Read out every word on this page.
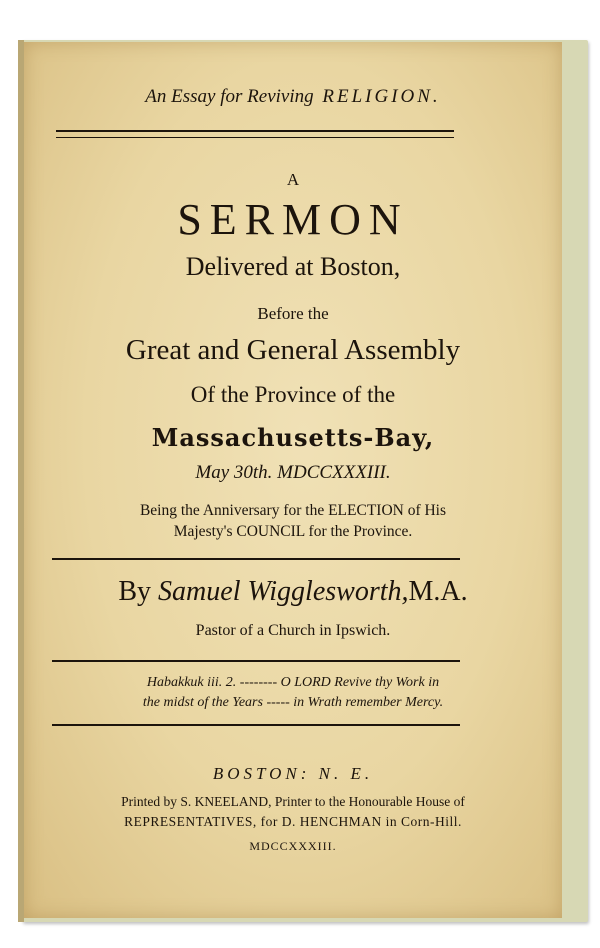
An Essay for Reviving RELIGION.
A
SERMON
Delivered at Boston,
Before the
Great and General Assembly
Of the Province of the
Massachusetts-Bay,
May 30th. MDCCXXXIII.
Being the Anniversary for the ELECTION of His
Majesty's COUNCIL for the Province.
By Samuel Wigglesworth,M.A.
Pastor of a Church in Ipswich.
Habakkuk iii. 2. -------- O LORD Revive thy Work in
the midst of the Years ----- in Wrath remember Mercy.
BOSTON: N. E.
Printed by S. KNEELAND, Printer to the Honourable House of
REPRESENTATIVES, for D. HENCHMAN in Corn-Hill.
MDCCXXXIII.
